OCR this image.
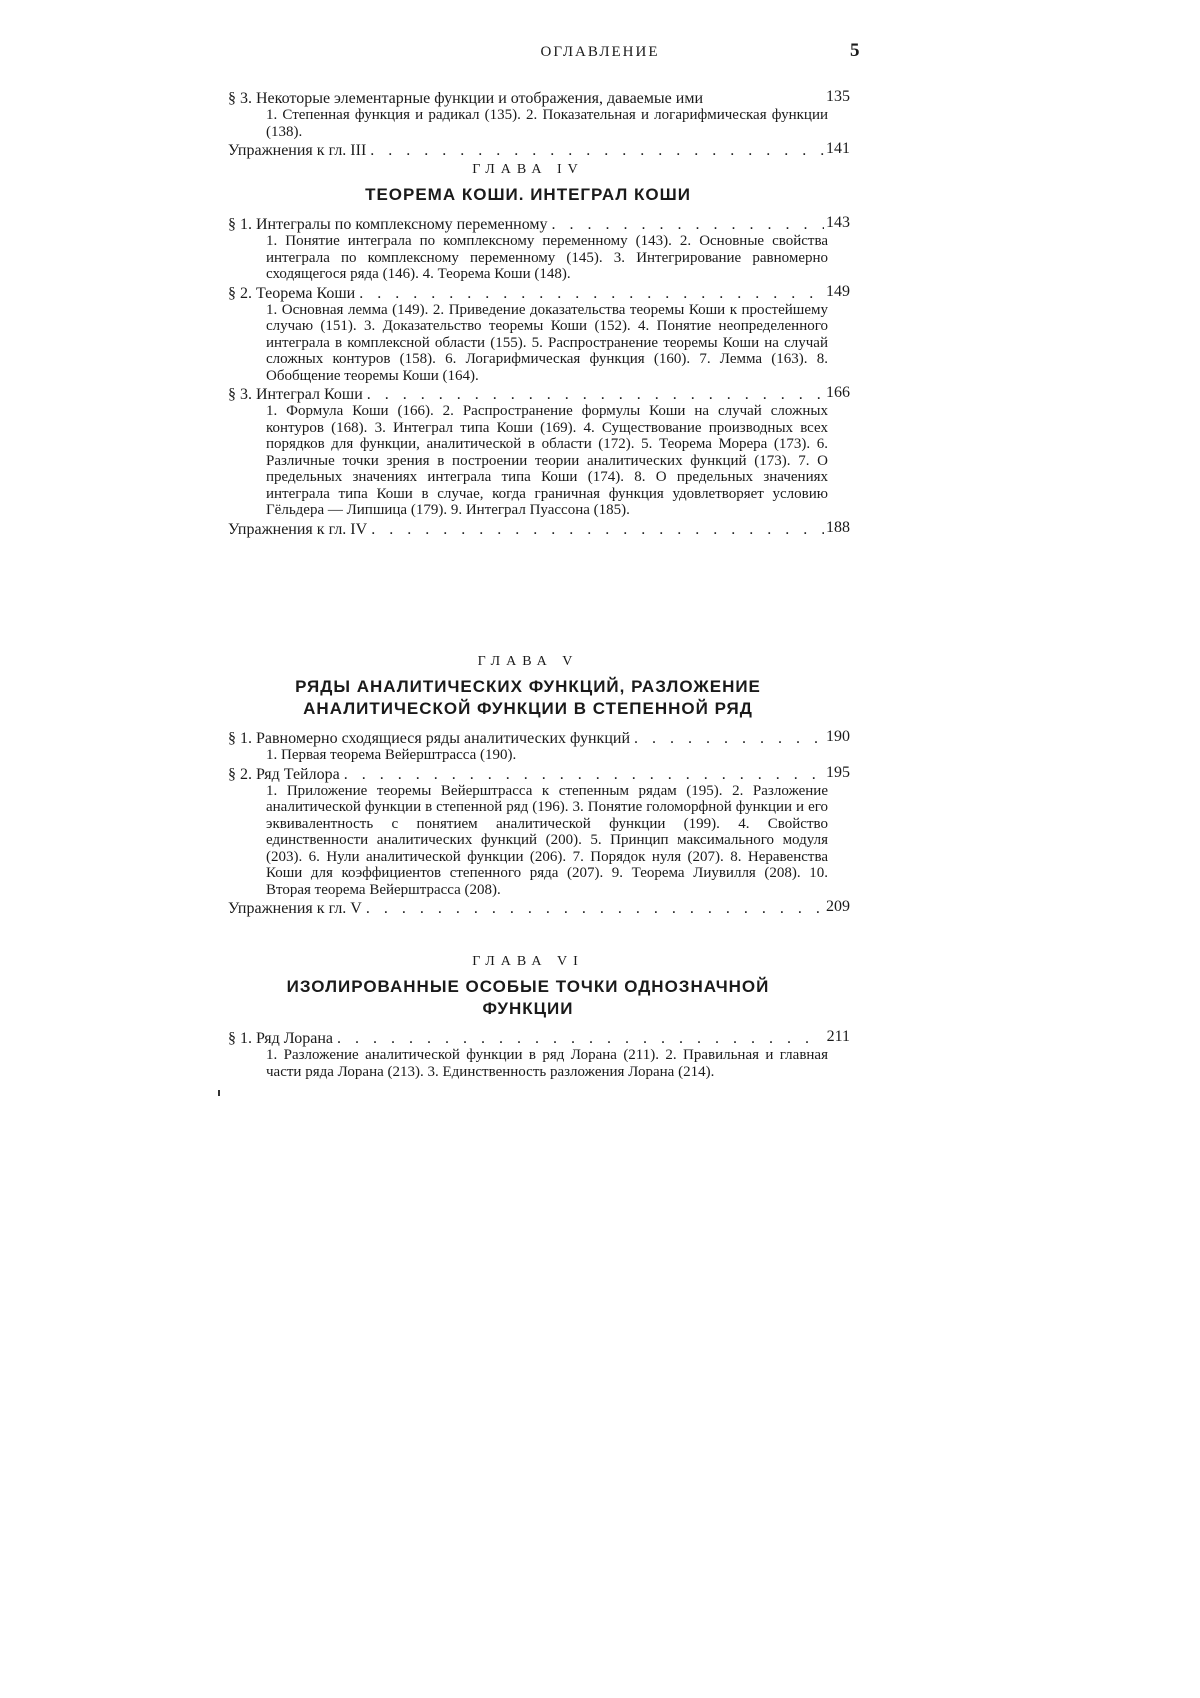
ОГЛАВЛЕНИЕ	5
§ 3. Некоторые элементарные функции и отображения, даваемые ими	135
1. Степенная функция и радикал (135). 2. Показательная и логарифмическая функции (138).
Упражнения к гл. III . . .	141
ГЛАВА IV
ТЕОРЕМА КОШИ. ИНТЕГРАЛ КОШИ
§ 1. Интегралы по комплексному переменному . . .	143
1. Понятие интеграла по комплексному переменному (143). 2. Основные свойства интеграла по комплексному переменному (145). 3. Интегрирование равномерно сходящегося ряда (146). 4. Теорема Коши (148).
§ 2. Теорема Коши . . .	149
1. Основная лемма (149). 2. Приведение доказательства теоремы Коши к простейшему случаю (151). 3. Доказательство теоремы Коши (152). 4. Понятие неопределенного интеграла в комплексной области (155). 5. Распространение теоремы Коши на случай сложных контуров (158). 6. Логарифмическая функция (160). 7. Лемма (163). 8. Обобщение теоремы Коши (164).
§ 3. Интеграл Коши . . .	166
1. Формула Коши (166). 2. Распространение формулы Коши на случай сложных контуров (168). 3. Интеграл типа Коши (169). 4. Существование производных всех порядков для функции, аналитической в области (172). 5. Теорема Морера (173). 6. Различные точки зрения в построении теории аналитических функций (173). 7. О предельных значениях интеграла типа Коши (174). 8. О предельных значениях интеграла типа Коши в случае, когда граничная функция удовлетворяет условию Гёльдера — Липшица (179). 9. Интеграл Пуассона (185).
Упражнения к гл. IV . . .	188
ГЛАВА V
РЯДЫ АНАЛИТИЧЕСКИХ ФУНКЦИЙ, РАЗЛОЖЕНИЕ
АНАЛИТИЧЕСКОЙ ФУНКЦИИ В СТЕПЕННОЙ РЯД
§ 1. Равномерно сходящиеся ряды аналитических функций . . .	190
1. Первая теорема Вейерштрасса (190).
§ 2. Ряд Тейлора . . .	195
1. Приложение теоремы Вейерштрасса к степенным рядам (195). 2. Разложение аналитической функции в степенной ряд (196). 3. Понятие голоморфной функции и его эквивалентность с понятием аналитической функции (199). 4. Свойство единственности аналитических функций (200). 5. Принцип максимального модуля (203). 6. Нули аналитической функции (206). 7. Порядок нуля (207). 8. Неравенства Коши для коэффициентов степенного ряда (207). 9. Теорема Лиувилля (208). 10. Вторая теорема Вейерштрасса (208).
Упражнения к гл. V . . .	209
ГЛАВА VI
ИЗОЛИРОВАННЫЕ ОСОБЫЕ ТОЧКИ ОДНОЗНАЧНОЙ
ФУНКЦИИ
§ 1. Ряд Лорана . . .	211
1. Разложение аналитической функции в ряд Лорана (211). 2. Правильная и главная части ряда Лорана (213). 3. Единственность разложения Лорана (214).
